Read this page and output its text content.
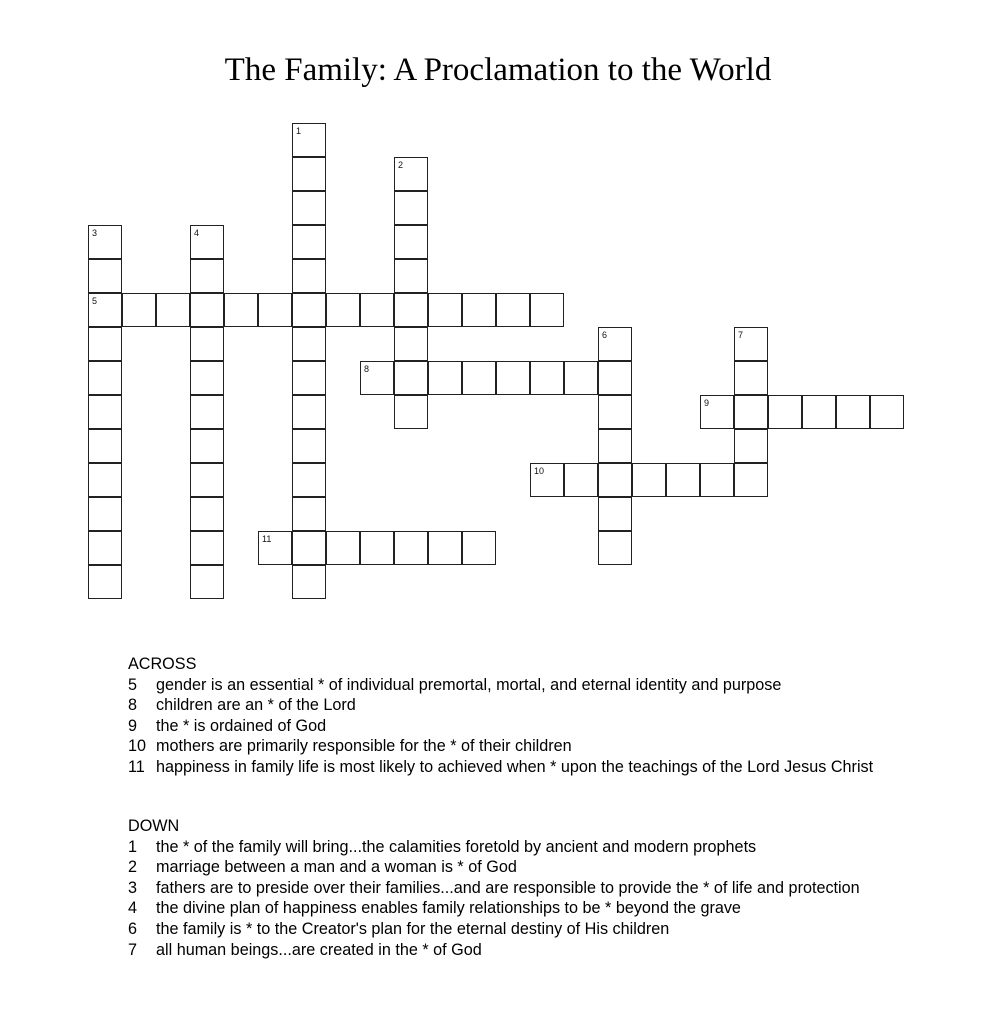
The Family: A Proclamation to the World
1
2
3
5
4
6	7
8
9
10
11
ACROSS
5 gender is an essential * of individual premortal, mortal, and eternal identity and purpose
8 children are an * of the Lord
9 the * is ordained of God
10 mothers are primarily responsible for the * of their children
11 happiness in family life is most likely to achieved when * upon the teachings of the Lord Jesus Christ
DOWN
1 the * of the family will bring...the calamities foretold by ancient and modern prophets
2 marriage between a man and a woman is * of God
3 fathers are to preside over their families...and are responsible to provide the * of life and protection
4 the divine plan of happiness enables family relationships to be * beyond the grave
6 the family is * to the Creator's plan for the eternal destiny of His children
7 all human beings...are created in the * of God
